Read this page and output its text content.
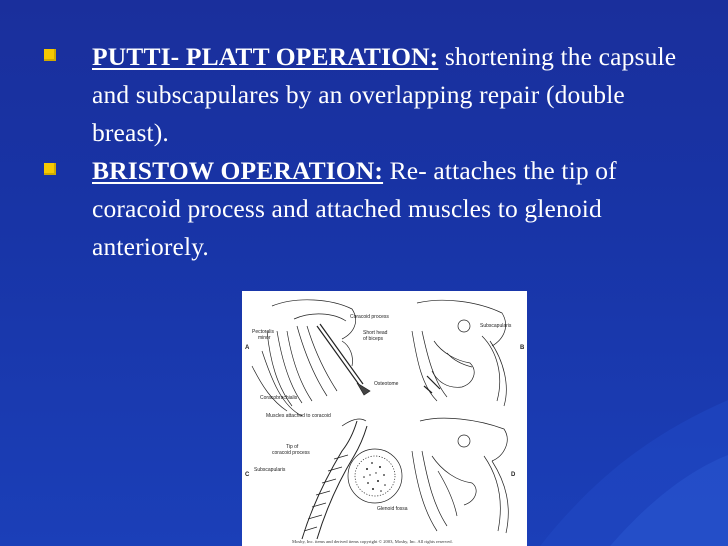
PUTTI- PLATT OPERATION: shortening the capsule and subscapulares by an overlapping repair (double breast).
BRISTOW OPERATION: Re- attaches the tip of coracoid process and attached muscles to glenoid anteriorely.
Coracoid process
Short head
of biceps
Pectoralis
minor
Osteotome
Coracobrachialis
Subscapularis
Muscles attached to coracoid
Tip of
coracoid process
Subscapularis
Glenoid fossa
A	B
C	D
Mosby, Inc. items and derived items copyright © 2003, Mosby, Inc. All rights reserved.
